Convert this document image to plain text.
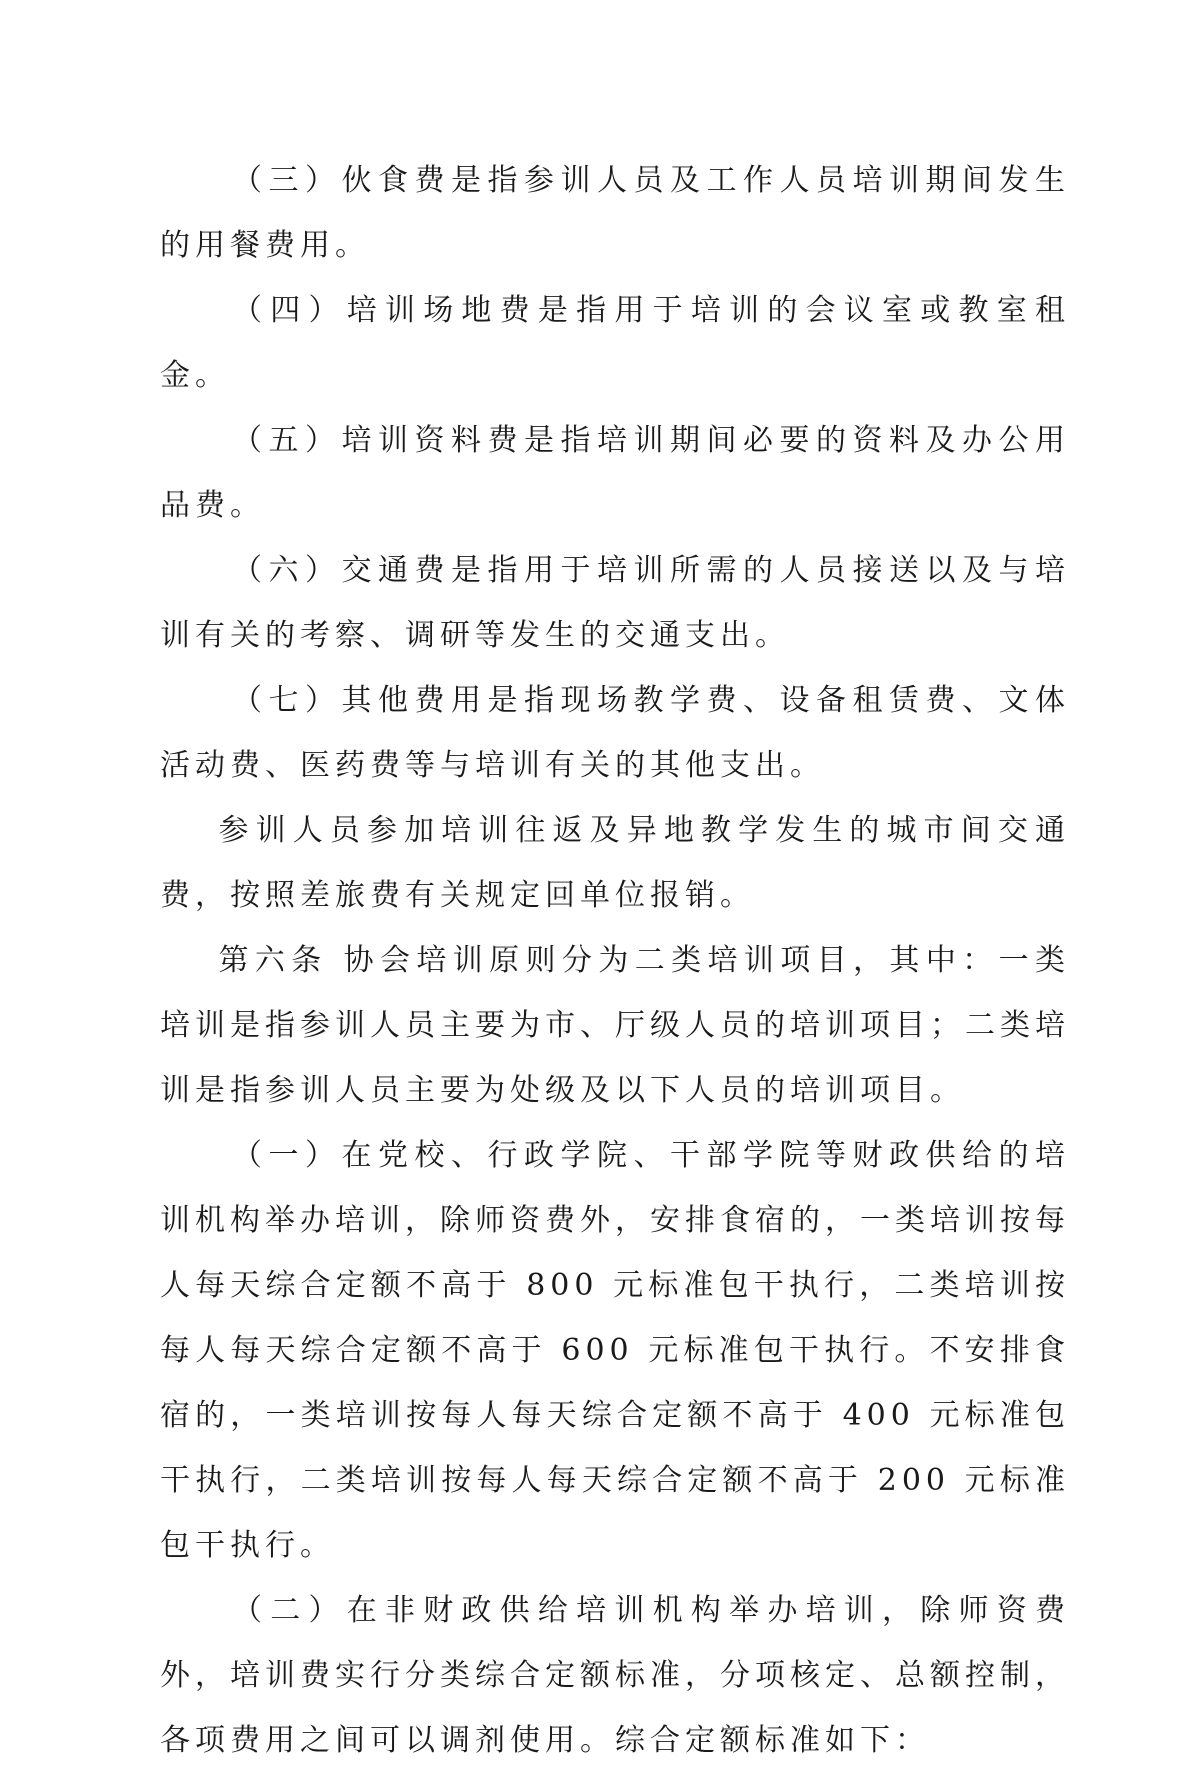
（三）伙食费是指参训人员及工作人员培训期间发生的用餐费用。

（四）培训场地费是指用于培训的会议室或教室租金。

（五）培训资料费是指培训期间必要的资料及办公用品费。

（六）交通费是指用于培训所需的人员接送以及与培训有关的考察、调研等发生的交通支出。

（七）其他费用是指现场教学费、设备租赁费、文体活动费、医药费等与培训有关的其他支出。

参训人员参加培训往返及异地教学发生的城市间交通费，按照差旅费有关规定回单位报销。

第六条 协会培训原则分为二类培训项目，其中：一类培训是指参训人员主要为市、厅级人员的培训项目；二类培训是指参训人员主要为处级及以下人员的培训项目。

（一）在党校、行政学院、干部学院等财政供给的培训机构举办培训，除师资费外，安排食宿的，一类培训按每人每天综合定额不高于 800 元标准包干执行，二类培训按每人每天综合定额不高于 600 元标准包干执行。不安排食宿的，一类培训按每人每天综合定额不高于 400 元标准包干执行，二类培训按每人每天综合定额不高于 200 元标准包干执行。

（二）在非财政供给培训机构举办培训，除师资费外，培训费实行分类综合定额标准，分项核定、总额控制，各项费用之间可以调剂使用。综合定额标准如下：
